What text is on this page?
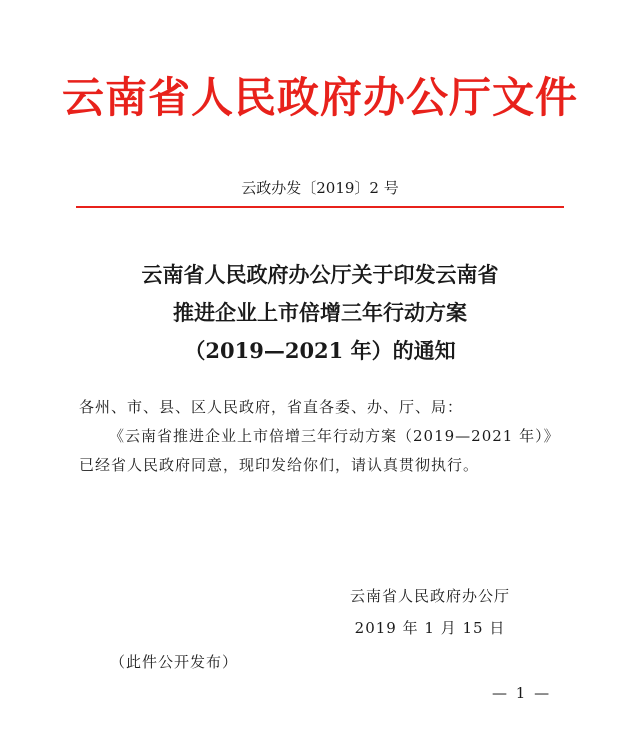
云南省人民政府办公厅文件
云政办发〔2019〕2 号
云南省人民政府办公厅关于印发云南省
推进企业上市倍增三年行动方案
（2019—2021 年）的通知

各州、市、县、区人民政府，省直各委、办、厅、局：

《云南省推进企业上市倍增三年行动方案（2019—2021 年）》已经省人民政府同意，现印发给你们，请认真贯彻执行。

云南省人民政府办公厅
2019 年 1 月 15 日
（此件公开发布）
— 1 —
